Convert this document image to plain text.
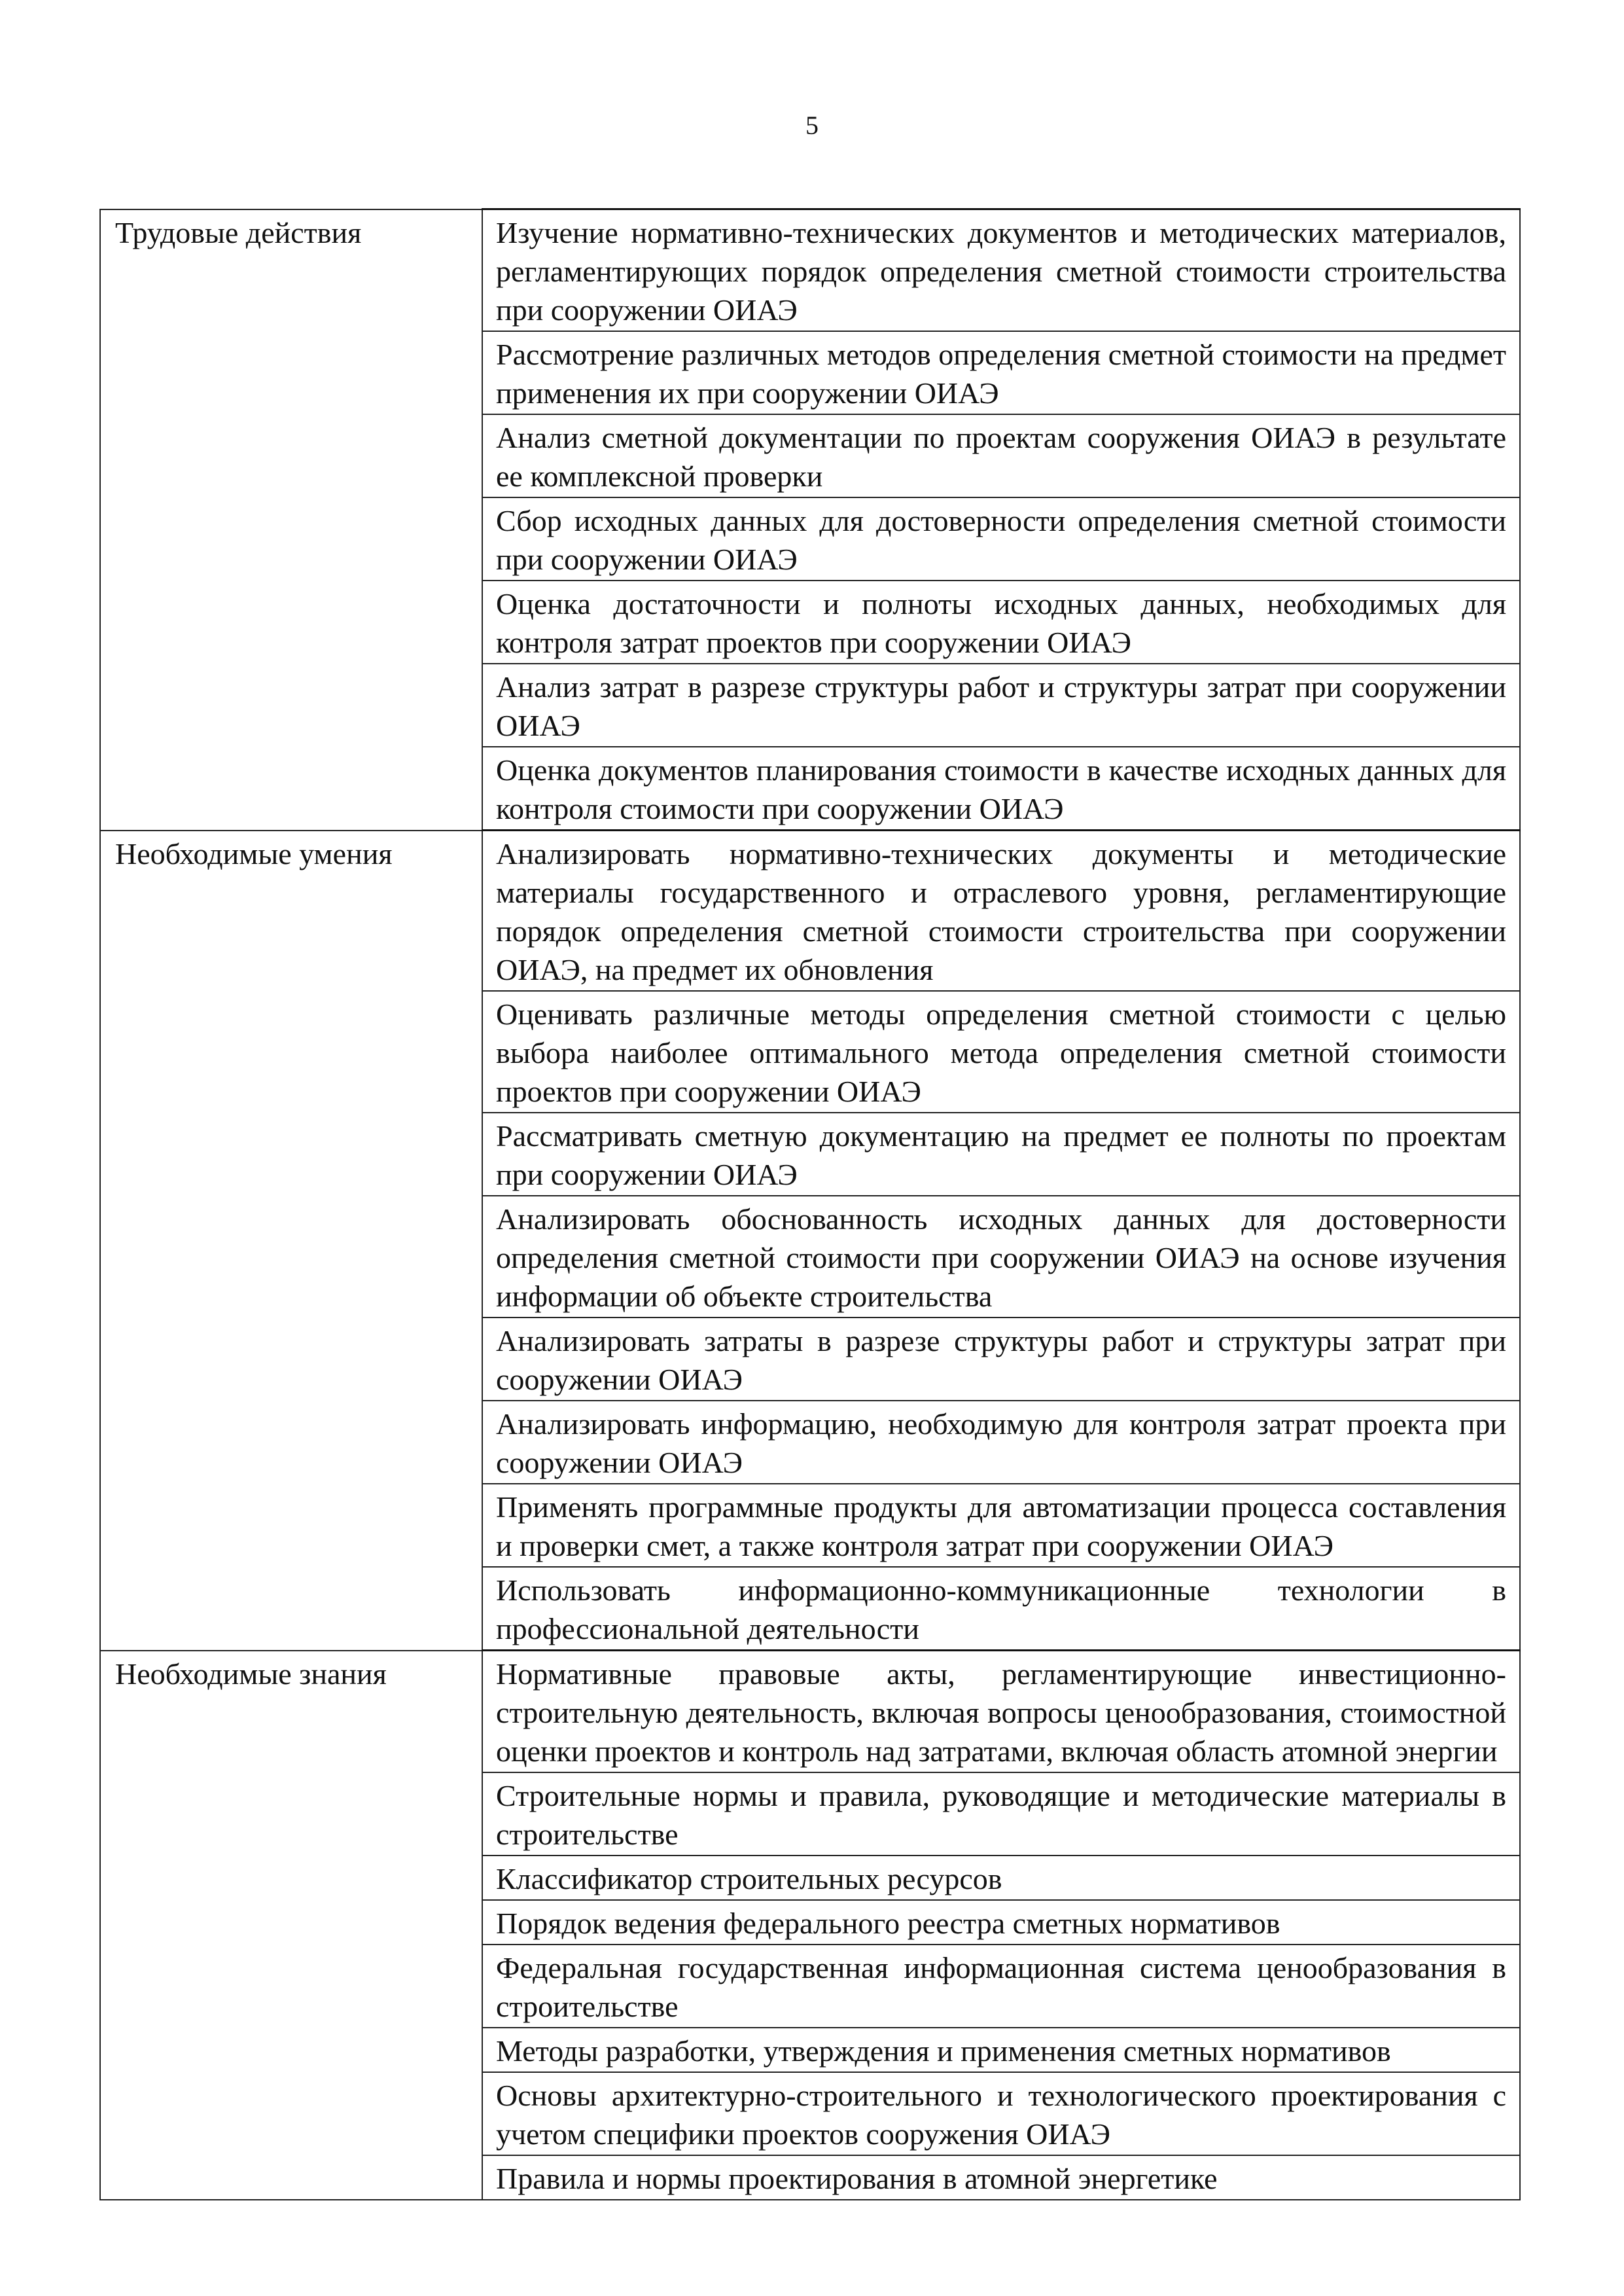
5
Трудовые действия	Изучение нормативно-технических документов и методических материалов, регламентирующих порядок определения сметной стоимости строительства при сооружении ОИАЭ
	Рассмотрение различных методов определения сметной стоимости на предмет применения их при сооружении ОИАЭ
	Анализ сметной документации по проектам сооружения ОИАЭ в результате ее комплексной проверки
	Сбор исходных данных для достоверности определения сметной стоимости при сооружении ОИАЭ
	Оценка достаточности и полноты исходных данных, необходимых для контроля затрат проектов при сооружении ОИАЭ
	Анализ затрат в разрезе структуры работ и структуры затрат при сооружении ОИАЭ
	Оценка документов планирования стоимости в качестве исходных данных для контроля стоимости при сооружении ОИАЭ
Необходимые умения	Анализировать нормативно-технических документы и методические материалы государственного и отраслевого уровня, регламентирующие порядок определения сметной стоимости строительства при сооружении ОИАЭ, на предмет их обновления
	Оценивать различные методы определения сметной стоимости с целью выбора наиболее оптимального метода определения сметной стоимости проектов при сооружении ОИАЭ
	Рассматривать сметную документацию на предмет ее полноты по проектам при сооружении ОИАЭ
	Анализировать обоснованность исходных данных для достоверности определения сметной стоимости при сооружении ОИАЭ на основе изучения информации об объекте строительства
	Анализировать затраты в разрезе структуры работ и структуры затрат при сооружении ОИАЭ
	Анализировать информацию, необходимую для контроля затрат проекта при сооружении ОИАЭ
	Применять программные продукты для автоматизации процесса составления и проверки смет, а также контроля затрат при сооружении ОИАЭ
	Использовать информационно-коммуникационные технологии в профессиональной деятельности
Необходимые знания	Нормативные правовые акты, регламентирующие инвестиционно-строительную деятельность, включая вопросы ценообразования, стоимостной оценки проектов и контроль над затратами, включая область атомной энергии
	Строительные нормы и правила, руководящие и методические материалы в строительстве
	Классификатор строительных ресурсов
	Порядок ведения федерального реестра сметных нормативов
	Федеральная государственная информационная система ценообразования в строительстве
	Методы разработки, утверждения и применения сметных нормативов
	Основы архитектурно-строительного и технологического проектирования с учетом специфики проектов сооружения ОИАЭ
	Правила и нормы проектирования в атомной энергетике
